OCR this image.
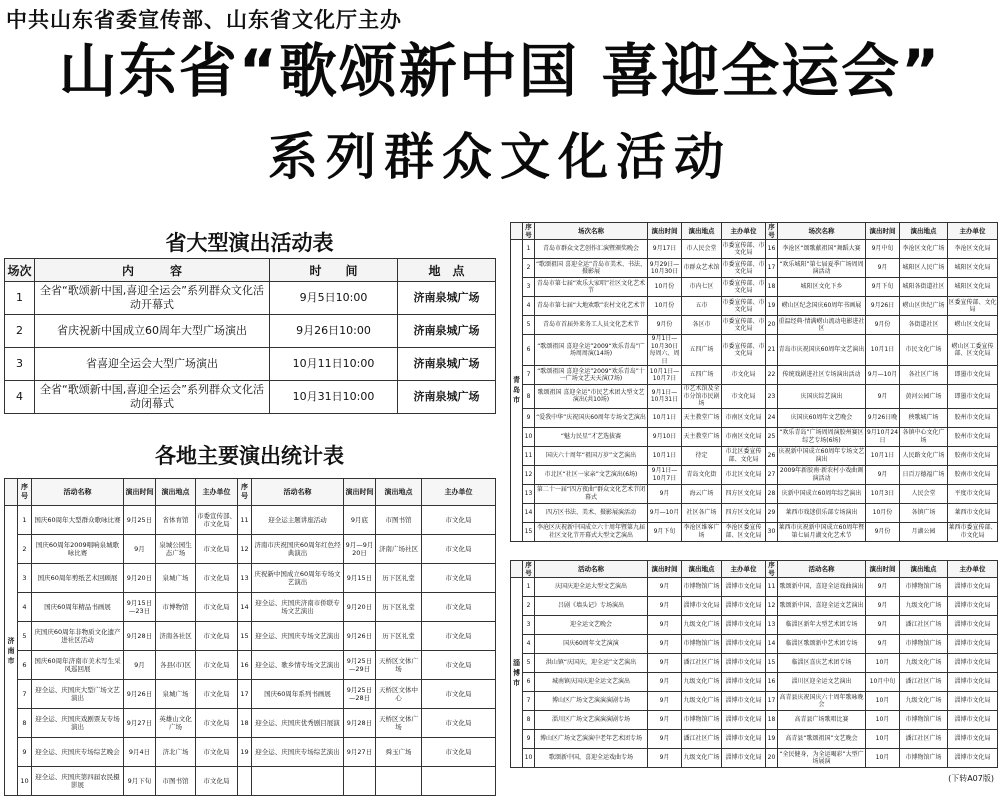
中共山东省委宣传部、山东省文化厅主办
山东省“歌颂新中国 喜迎全运会”
系列群众文化活动
省大型演出活动表
场次	内　　　容	时　　间	地　点
1	全省“歌颂新中国,喜迎全运会”系列群众文化活动开幕式	9月5日10:00	济南泉城广场
2	省庆祝新中国成立60周年大型广场演出	9月26日10:00	济南泉城广场
3	省喜迎全运会大型广场演出	10月11日10:00	济南泉城广场
4	全省“歌颂新中国,喜迎全运会”系列群众文化活动闭幕式	10月31日10:00	济南泉城广场
各地主要演出统计表
	序号	活动名称	演出时间	演出地点	主办单位	序号	活动名称	演出时间	演出地点	主办单位
济南市	1	国庆60周年大型群众歌咏比赛	9月25日	省体育馆	市委宣传部、市文化局	11	迎全运主题讲座活动	9月底	市图书馆	市文化局
	2	国庆60周年2009唱响泉城歌咏比赛	9月	泉城公园生态广场	市文化局	12	济南市庆祝国庆60周年红色经典演出	9月—9月20日	济南广场社区	市文化局
	3	国庆60周年剪纸艺术回顾展	9月20日	泉城广场	市文化局	13	庆祝新中国成立60周年专场文艺演出	9月15日	历下区礼堂	市文化局
	4	国庆60周年精品书画展	9月15日—23日	市博物馆	市文化局	14	迎全运、庆国庆济南市侨联专场文艺演出	9月20日	历下区礼堂	市文化局
	5	庆国庆60周年非物质文化遗产进社区活动	9月28日	济南各社区	市文化局	15	迎全运、庆国庆专场文艺演出	9月26日	历下区礼堂	市文化局
	6	国庆60周年济南市美术写生采风巡回展	9月	各县(市)区	市文化局	16	迎全运、歌乡情专场文艺演出	9月25日—29日	天桥区文体广场	市文化局
	7	迎全运、庆国庆大型广场文艺演出	9月26日	泉城广场	市文化局	17	国庆60周年系列书画展	9月25日—28日	天桥区文体中心	市文化局
	8	迎全运、庆国庆戏剧票友专场演出	9月27日	英雄山文化广场	市文化局	18	迎全运、庆国庆优秀剧目展演	9月28日	天桥区文体广场	市文化局
	9	迎全运、庆国庆专场综艺晚会	9月4日	济北广场	市文化局	19	迎全运、庆国庆专场综艺演出	9月27日	舜玉广场	市文化局
	10	迎全运、庆国庆第四届农民摄影展	9月下旬	市图书馆	市文化局					
	序号	场次名称	演出时间	演出地点	主办单位	序号	场次名称	演出时间	演出地点	主办单位
青岛市	1	青岛市群众文艺创作汇演暨颁奖晚会	9月17日	市人民会堂	市委宣传部、市文化局	16	李沧区“颂歌献祖国”舞蹈大赛	9月中旬	李沧区文化广场	李沧区文化局
	2	“歌颂祖国 喜迎全运”青岛市美术、书法、摄影展	9月29日—10月30日	市群众艺术馆	市委宣传部、市文化局	17	“欢乐城阳”第七届夏季广场周周演活动	9月	城阳区人民广场	城阳区文化局
	3	青岛市第七届“欢乐大家唱”社区文化艺术节	10月份	市内七区	市委宣传部、市文化局	18	城阳区文化下乡	9月下旬	城阳各街道社区	城阳区文化局
	4	青岛市第七届“大地欢歌”农村文化艺术节	10月份	五市	市委宣传部、市文化局	19	崂山区纪念国庆60周年书画展	9月26日	崂山区世纪广场	区委宣传部、文化局
	5	青岛市首届外来务工人员文化艺术节	9月份	各区市	市委宣传部、市文化局	20	重温经典·情满崂山流动电影进社区	9月份	各街道社区	崂山区文化局
	6	“歌颂祖国 喜迎全运”2009“欢乐青岛”广场周周演(14场)	9月1日—10月30日每周六、周日	五四广场	市委宣传部、市文化局	21	青岛市庆祝国庆60周年文艺演出	10月1日	市民文化广场	崂山区工委宣传部、区文化局
	7	“歌颂祖国 喜迎全运”2009“欢乐青岛”十一广场文艺天天演(7场)	10月1日—10月7日	五四广场	市文化局	22	传统戏剧进社区专场演出活动	9月—10月	各社区广场	即墨市文化局
	8	歌颂祖国 喜迎全运”市民艺术团大型文艺演出(共10场)	9月1日—10月31日	市艺术馆及全市分馆市民剧场	市文化局	23	庆国庆综艺演出	9月	黄河公园广场	即墨市文化局
	9	“爱我中华”庆祝国庆60周年专场文艺演出	10月1日	天主教堂广场	市南区文化局	24	庆国庆60周年文艺晚会	9月26日晚	秧歌城广场	胶州市文化局
	10	“魅力民星”才艺选拔赛	9月10日	天主教堂广场	市南区文化局	25	“欢乐青岛”广场周周演胶州赛区综艺专场(6场)	9月10月24日	各镇中心文化广场	胶州市文化局
	11	国庆六十周年“祖国万岁”文艺演出	10月1日	待定	市北区委宣传部、文化局	26	庆祝新中国成立60周年专场文艺演出	10月1日	人民路文化广场	胶南市文化局
	12	市北区“社区一家亲”文艺演出(6场)	9月1日—10月7日	青岛文化街	市北区文化局	27	2009年新胶南·新农村小戏曲调演活动	9月	日百万德福广场	胶南市文化局
	13	第二十一届“四方夜曲”群众文化艺术节闭幕式	9月	海云广场	四方区文化局	28	庆新中国成立60周年综艺演出	10月3日	人民会堂	平度市文化局
	14	四方区书法、美术、摄影展演活动	9月—10月	社区各广场	四方区文化局	29	莱西市戏迷俱乐部专场演出	10月份	各镇广场	莱西市文化局
	15	李沧区庆祝新中国成立六十周年暨第九届社区文化节开幕式大型文艺演出	9月下旬	李沧区维客广场	李沧区委宣传部、区文化局	30	莱西市庆祝新中国成立60周年暨第七届月湖文化艺术节	9月份	月湖公园	莱西市委宣传部、市文化局
	序号	活动名称	演出时间	演出地点	主办单位	序号	活动名称	演出时间	演出地点	主办单位
淄博市	1	庆国庆迎全运大型文艺演出	9月	市博物馆广场	淄博市文化局	11	歌颂新中国，喜迎全运戏曲演出	9月	市博物馆广场	淄博市文化局
	2	吕剧《墙头记》专场演出	9月	淄博市文化局	淄博市文化局	12	歌颂新中国，喜迎全运文艺演出	9月	九级文化广场	淄博市文化局
	3	迎全运文艺晚会	9月	九级文化广场	淄博市文化局	13	临淄区新年大型艺术团专场	9月	潘江社区广场	淄博市文化局
	4	国庆60周年文艺演演	9月	市博物馆广场	淄博市文化局	14	临淄区歌颂新中艺术团专场	9月	市博物馆广场	淄博市文化局
	5	洪山镇“庆国庆，迎全运”文艺演出	9月	潘江社区广场	淄博市文化局	15	临淄区喜庆艺术团专场	10月	九级文化广场	淄博市文化局
	6	城南镇庆国庆迎全运文艺演出	9月	九级文化广场	淄博市文化局	16	淄川区迎全运文艺演出	10月中旬	潘江社区广场	淄博市文化局
	7	博山区广场文艺演演演剧专场	9月	九级文化广场	淄博市文化局	17	高青县庆祝国庆六十周年歌咏晚会	10月	九级文化广场	淄博市文化局
	8	淄川区广场文艺演演演剧专场	9月	市博物馆广场	淄博市文化局	18	高青县广场歌唱比赛	10月	市博物馆广场	淄博市文化局
	9	博山区广场文艺演演中老年艺术团专场	9月	潘江社区广场	淄博市文化局	19	高青县“歌颂祖国”文艺晚会	10月	潘江社区广场	淄博市文化局
	10	歌颂新中国，喜迎全运戏曲专场	9月	九级文化广场	淄博市文化局	20	“全民健身，为全运喝彩”大型广场展演	10月	市博物馆广场	淄博市文化局
(下转A07版)
